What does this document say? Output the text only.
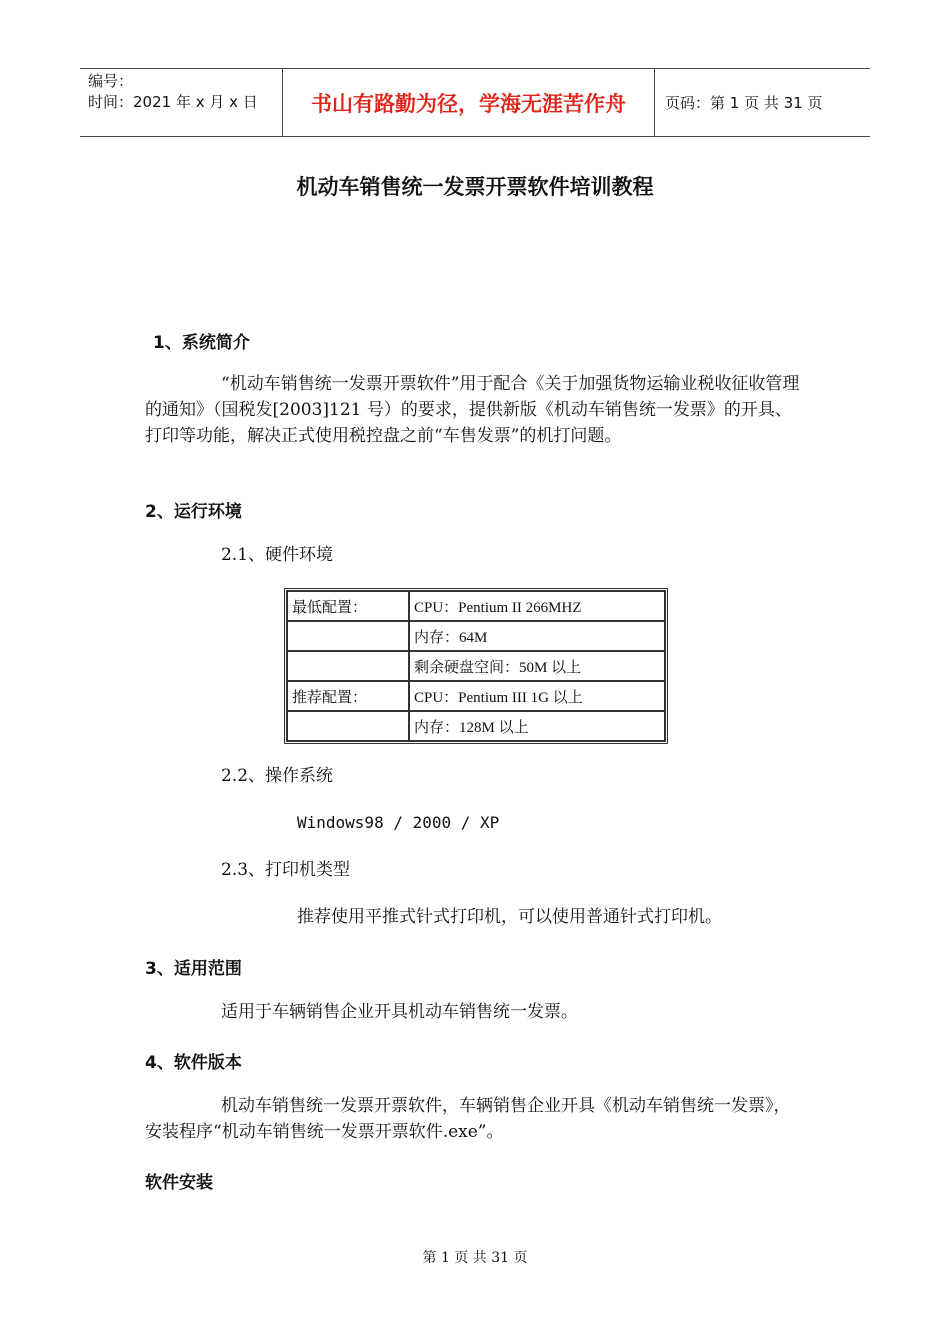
编号：
时间：2021 年 x 月 x 日	书山有路勤为径，学海无涯苦作舟	页码：第 1 页 共 31 页
机动车销售统一发票开票软件培训教程
1、系统简介
“机动车销售统一发票开票软件”用于配合《关于加强货物运输业税收征收管理的通知》（国税发[2003]121 号）的要求，提供新版《机动车销售统一发票》的开具、打印等功能，解决正式使用税控盘之前“车售发票”的机打问题。
2、运行环境
2.1、硬件环境
最低配置：	CPU：Pentium II 266MHZ
	内存：64M
	剩余硬盘空间：50M 以上
推荐配置：	CPU：Pentium III 1G 以上
	内存：128M 以上
2.2、操作系统
Windows98 / 2000 / XP
2.3、打印机类型
推荐使用平推式针式打印机，可以使用普通针式打印机。
3、适用范围
适用于车辆销售企业开具机动车销售统一发票。
4、软件版本
机动车销售统一发票开票软件，车辆销售企业开具《机动车销售统一发票》，安装程序“机动车销售统一发票开票软件.exe”。
软件安装
第 1 页 共 31 页
